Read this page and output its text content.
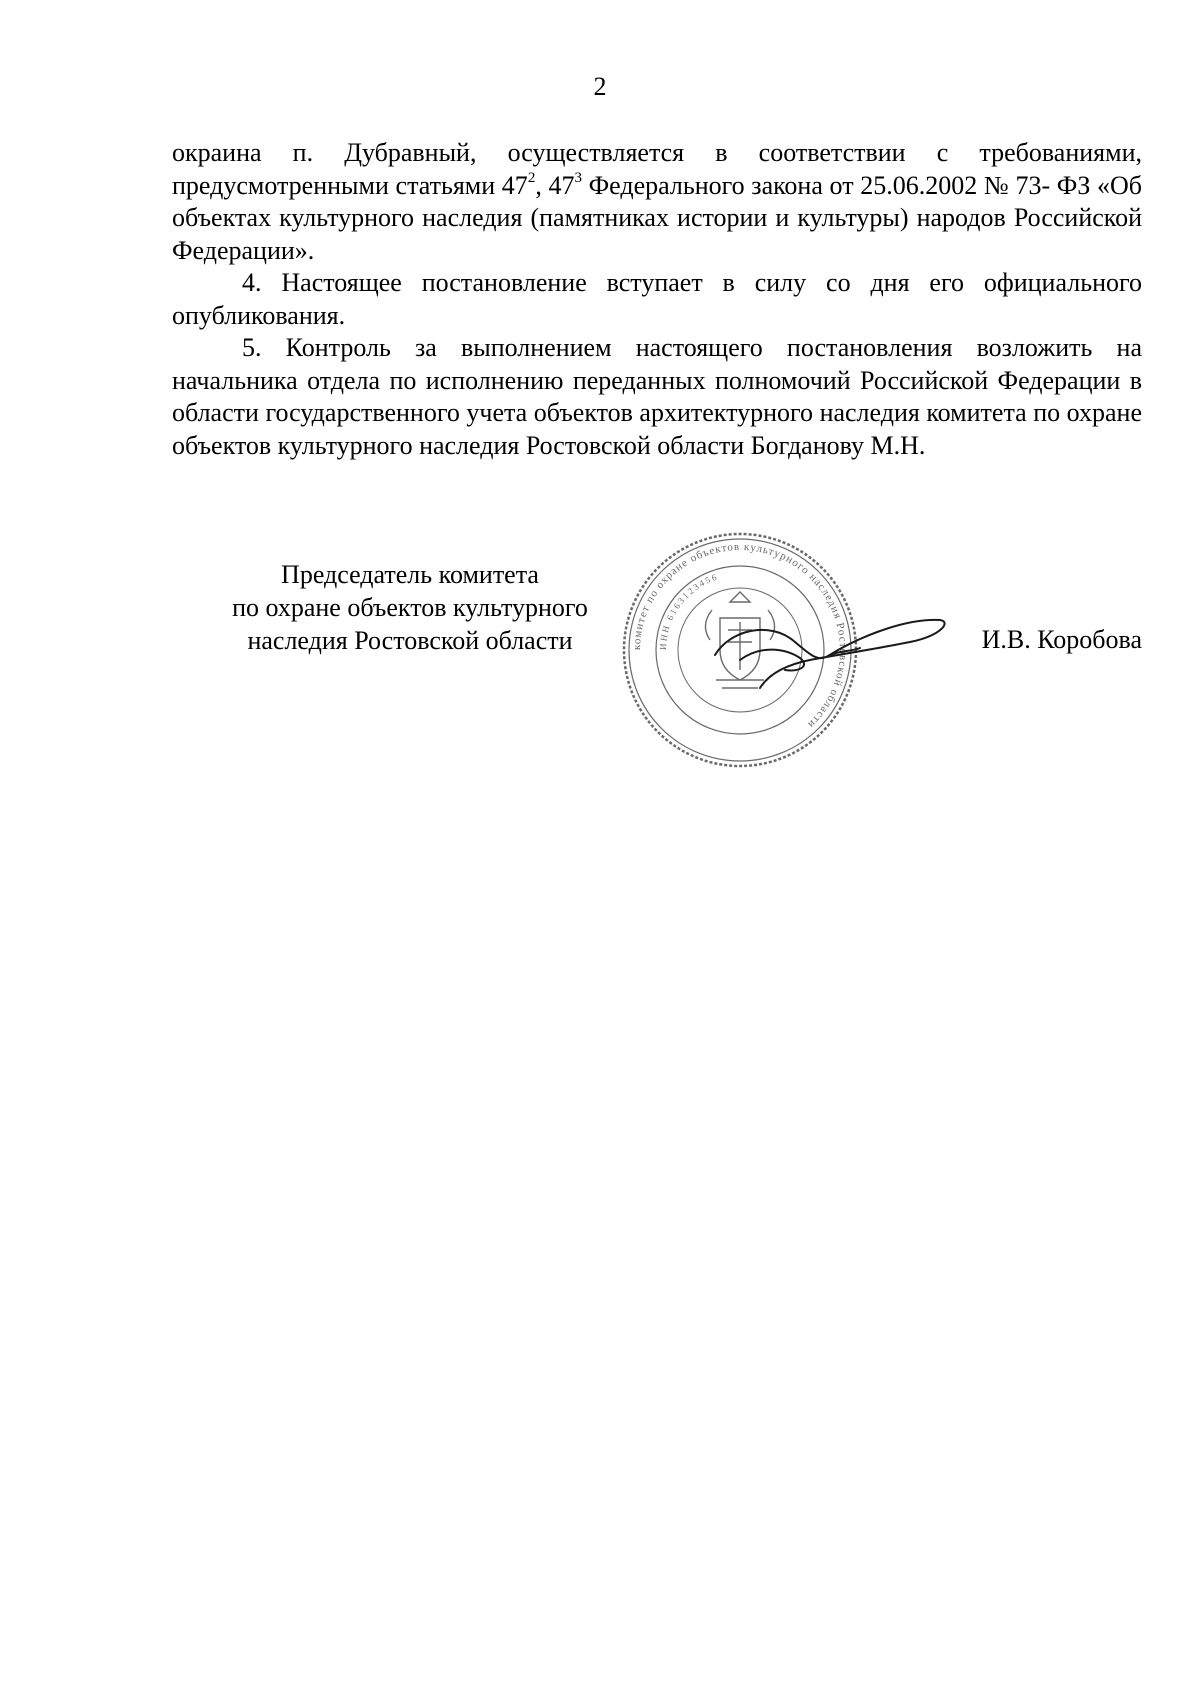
2

окраина п. Дубравный, осуществляется в соответствии с требованиями, предусмотренными статьями $47^2$, $47^3$ Федерального закона от 25.06.2002 № 73- ФЗ «Об объектах культурного наследия (памятниках истории и культуры) народов Российской Федерации».

4. Настоящее постановление вступает в силу со дня его официального опубликования.

5. Контроль за выполнением настоящего постановления возложить на начальника отдела по исполнению переданных полномочий Российской Федерации в области государственного учета объектов архитектурного наследия комитета по охране объектов культурного наследия Ростовской области Богданову М.Н.

Председатель комитета
по охране объектов культурного
наследия Ростовской области	комитет по охране объектов культурного наследия Ростовской области
ИНН 6163123456
И.В. Коробова
